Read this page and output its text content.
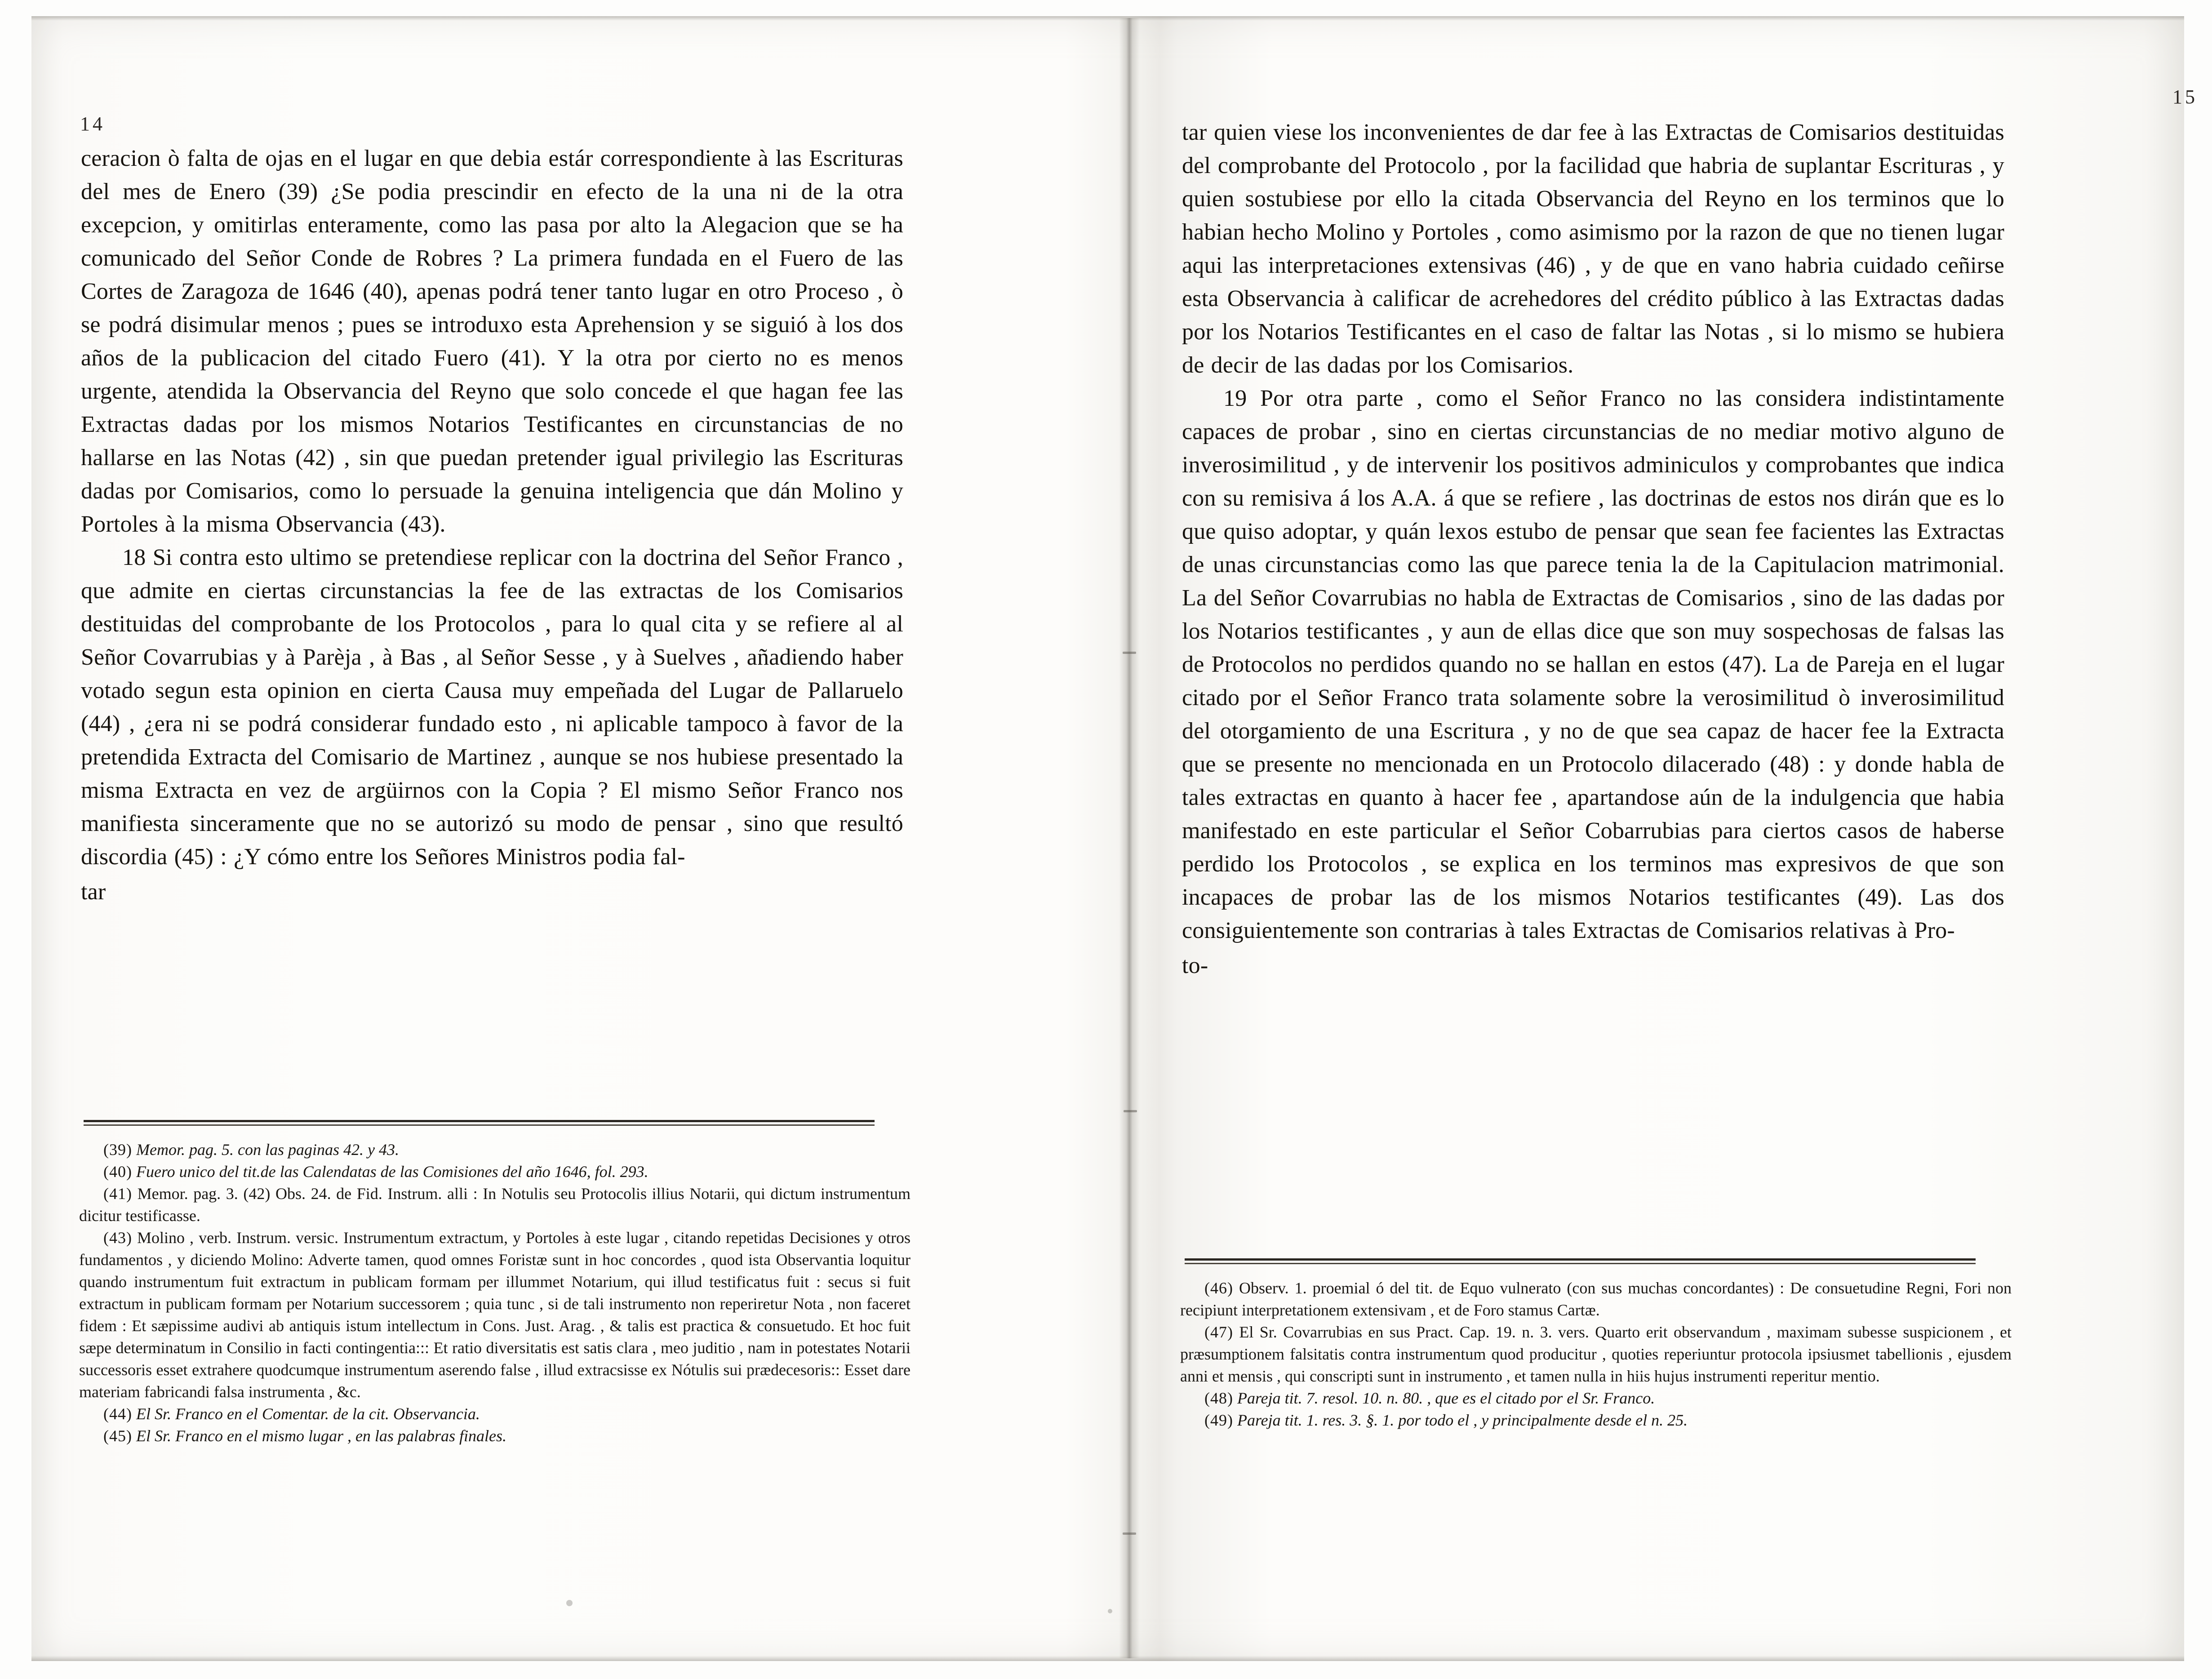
14

ceracion ò falta de ojas en el lugar en que debia estár correspondiente à las Escrituras del mes de Enero (39) ¿Se podia prescindir en efecto de la una ni de la otra excepcion, y omitirlas enteramente, como las pasa por alto la Alegacion que se ha comunicado del Señor Conde de Robres ? La primera fundada en el Fuero de las Cortes de Zaragoza de 1646 (40), apenas podrá tener tanto lugar en otro Proceso , ò se podrá disimular menos ; pues se introduxo esta Aprehension y se siguió à los dos años de la publicacion del citado Fuero (41). Y la otra por cierto no es menos urgente, atendida la Observancia del Reyno que solo concede el que hagan fee las Extractas dadas por los mismos Notarios Testificantes en circunstancias de no hallarse en las Notas (42) , sin que puedan pretender igual privilegio las Escrituras dadas por Comisarios, como lo persuade la genuina inteligencia que dán Molino y Portoles à la misma Observancia (43).

18 Si contra esto ultimo se pretendiese replicar con la doctrina del Señor Franco , que admite en ciertas circunstancias la fee de las extractas de los Comisarios destituidas del comprobante de los Protocolos , para lo qual cita y se refiere al al Señor Covarrubias y à Parèja , à Bas , al Señor Sesse , y à Suelves , añadiendo haber votado segun esta opinion en cierta Causa muy empeñada del Lugar de Pallaruelo (44) , ¿era ni se podrá considerar fundado esto , ni aplicable tampoco à favor de la pretendida Extracta del Comisario de Martinez , aunque se nos hubiese presentado la misma Extracta en vez de argüirnos con la Copia ? El mismo Señor Franco nos manifiesta sinceramente que no se autorizó su modo de pensar , sino que resultó discordia (45) : ¿Y cómo entre los Señores Ministros podia fal-

tar

(39) Memor. pag. 5. con las paginas 42. y 43.

(40) Fuero unico del tit.de las Calendatas de las Comisiones del año 1646, fol. 293.

(41) Memor. pag. 3. (42) Obs. 24. de Fid. Instrum. alli : In Notulis seu Protocolis illius Notarii, qui dictum instrumentum dicitur testificasse.

(43) Molino , verb. Instrum. versic. Instrumentum extractum, y Portoles à este lugar , citando repetidas Decisiones y otros fundamentos , y diciendo Molino: Adverte tamen, quod omnes Foristæ sunt in hoc concordes , quod ista Observantia loquitur quando instrumentum fuit extractum in publicam formam per illummet Notarium, qui illud testificatus fuit : secus si fuit extractum in publicam formam per Notarium successorem ; quia tunc , si de tali instrumento non reperiretur Nota , non faceret fidem : Et sæpissime audivi ab antiquis istum intellectum in Cons. Just. Arag. , & talis est practica & consuetudo. Et hoc fuit sæpe determinatum in Consilio in facti contingentia::: Et ratio diversitatis est satis clara , meo juditio , nam in potestates Notarii successoris esset extrahere quodcumque instrumentum aserendo false , illud extracsisse ex Nótulis sui prædecesoris:: Esset dare materiam fabricandi falsa instrumenta , &c.

(44) El Sr. Franco en el Comentar. de la cit. Observancia.

(45) El Sr. Franco en el mismo lugar , en las palabras finales.

15

tar quien viese los inconvenientes de dar fee à las Extractas de Comisarios destituidas del comprobante del Protocolo , por la facilidad que habria de suplantar Escrituras , y quien sostubiese por ello la citada Observancia del Reyno en los terminos que lo habian hecho Molino y Portoles , como asimismo por la razon de que no tienen lugar aqui las interpretaciones extensivas (46) , y de que en vano habria cuidado ceñirse esta Observancia à calificar de acrehedores del crédito público à las Extractas dadas por los Notarios Testificantes en el caso de faltar las Notas , si lo mismo se hubiera de decir de las dadas por los Comisarios.

19 Por otra parte , como el Señor Franco no las considera indistintamente capaces de probar , sino en ciertas circunstancias de no mediar motivo alguno de inverosimilitud , y de intervenir los positivos adminiculos y comprobantes que indica con su remisiva á los A.A. á que se refiere , las doctrinas de estos nos dirán que es lo que quiso adoptar, y quán lexos estubo de pensar que sean fee facientes las Extractas de unas circunstancias como las que parece tenia la de la Capitulacion matrimonial. La del Señor Covarrubias no habla de Extractas de Comisarios , sino de las dadas por los Notarios testificantes , y aun de ellas dice que son muy sospechosas de falsas las de Protocolos no perdidos quando no se hallan en estos (47). La de Pareja en el lugar citado por el Señor Franco trata solamente sobre la verosimilitud ò inverosimilitud del otorgamiento de una Escritura , y no de que sea capaz de hacer fee la Extracta que se presente no mencionada en un Protocolo dilacerado (48) : y donde habla de tales extractas en quanto à hacer fee , apartandose aún de la indulgencia que habia manifestado en este particular el Señor Cobarrubias para ciertos casos de haberse perdido los Protocolos , se explica en los terminos mas expresivos de que son incapaces de probar las de los mismos Notarios testificantes (49). Las dos consiguientemente son contrarias à tales Extractas de Comisarios relativas à Pro-

to-

(46) Observ. 1. proemial ó del tit. de Equo vulnerato (con sus muchas concordantes) : De consuetudine Regni, Fori non recipiunt interpretationem extensivam , et de Foro stamus Cartæ.

(47) El Sr. Covarrubias en sus Pract. Cap. 19. n. 3. vers. Quarto erit observandum , maximam subesse suspicionem , et præsumptionem falsitatis contra instrumentum quod producitur , quoties reperiuntur protocola ipsiusmet tabellionis , ejusdem anni et mensis , qui conscripti sunt in instrumento , et tamen nulla in hiis hujus instrumenti reperitur mentio.

(48) Pareja tit. 7. resol. 10. n. 80. , que es el citado por el Sr. Franco.

(49) Pareja tit. 1. res. 3. §. 1. por todo el , y principalmente desde el n. 25.
